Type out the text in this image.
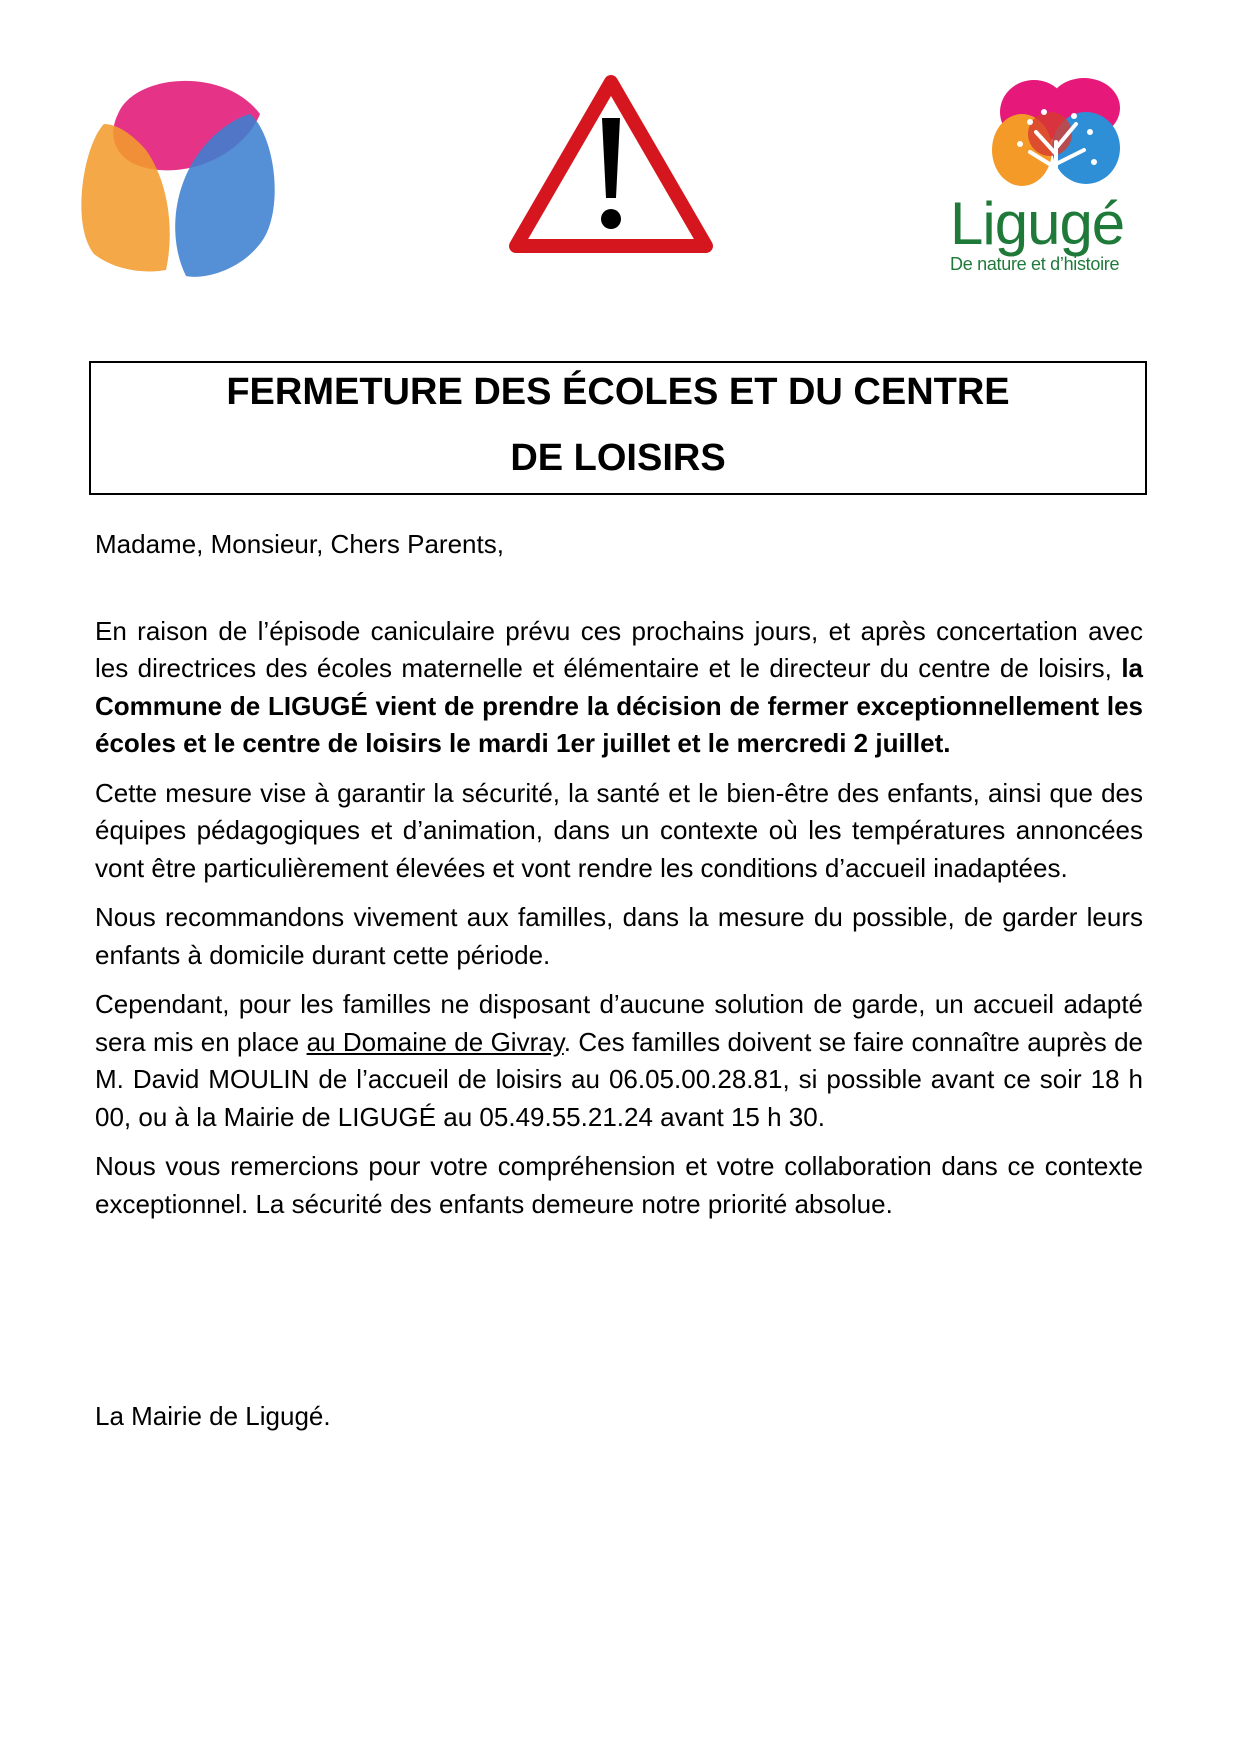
Ligugé
De nature et d’histoire
FERMETURE DES ÉCOLES ET DU CENTRE
DE LOISIRS

Madame, Monsieur, Chers Parents,

En raison de l’épisode caniculaire prévu ces prochains jours, et après concertation avec les directrices des écoles maternelle et élémentaire et le directeur du centre de loisirs, la Commune de LIGUGÉ vient de prendre la décision de fermer exceptionnellement les écoles et le centre de loisirs le mardi 1er juillet et le mercredi 2 juillet.

Cette mesure vise à garantir la sécurité, la santé et le bien-être des enfants, ainsi que des équipes pédagogiques et d’animation, dans un contexte où les températures annoncées vont être particulièrement élevées et vont rendre les conditions d’accueil inadaptées.

Nous recommandons vivement aux familles, dans la mesure du possible, de garder leurs enfants à domicile durant cette période.

Cependant, pour les familles ne disposant d’aucune solution de garde, un accueil adapté sera mis en place au Domaine de Givray. Ces familles doivent se faire connaître auprès de M. David MOULIN de l’accueil de loisirs au 06.05.00.28.81, si possible avant ce soir 18 h 00, ou à la Mairie de LIGUGÉ au 05.49.55.21.24 avant 15 h 30.

Nous vous remercions pour votre compréhension et votre collaboration dans ce contexte exceptionnel. La sécurité des enfants demeure notre priorité absolue.

La Mairie de Ligugé.
